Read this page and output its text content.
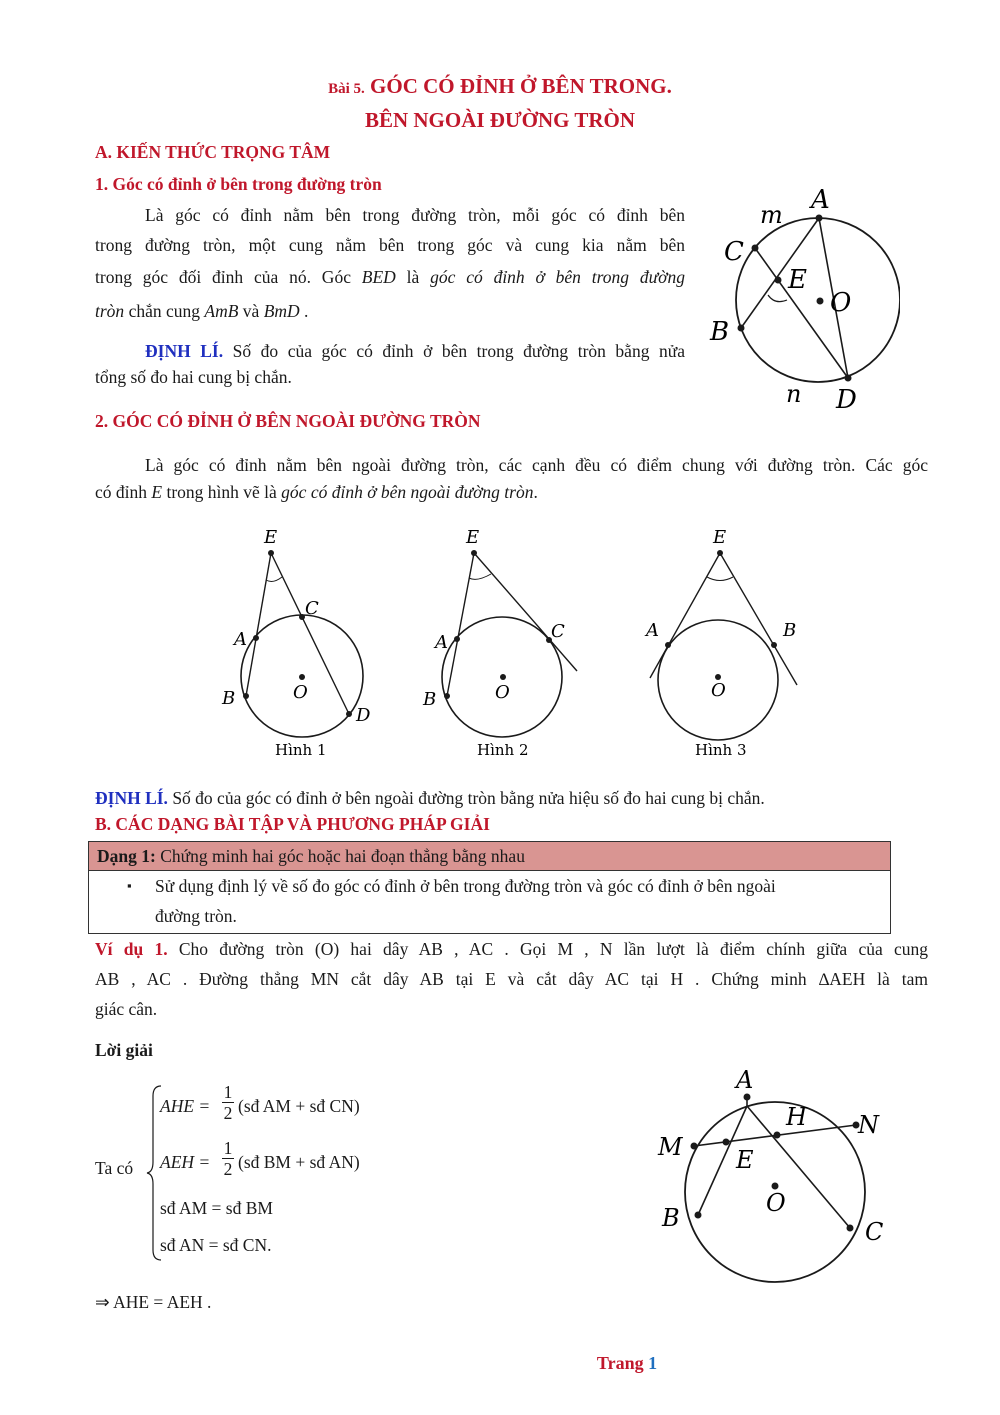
Bài 5. GÓC CÓ ĐỈNH Ở BÊN TRONG.
BÊN NGOÀI ĐƯỜNG TRÒN
A. KIẾN THỨC TRỌNG TÂM
1. Góc có đỉnh ở bên trong đường tròn
Là góc có đỉnh nằm bên trong đường tròn, mỗi góc có đỉnh bên
trong đường tròn, một cung nằm bên trong góc và cung kia nằm bên
trong góc đối đỉnh của nó. Góc BED là góc có đỉnh ở bên trong đường
tròn chắn cung AmB và BmD .
ĐỊNH LÍ. Số đo của góc có đỉnh ở bên trong đường tròn bằng nửa
tổng số đo hai cung bị chắn.
A
m
C
E
O
B
n D
2. GÓC CÓ ĐỈNH Ở BÊN NGOÀI ĐƯỜNG TRÒN
Là góc có đỉnh nằm bên ngoài đường tròn, các cạnh đều có điểm chung với đường tròn. Các góc
có đỉnh E trong hình vẽ là góc có đỉnh ở bên ngoài đường tròn.
E
C
A
B	O
D
Hình 1
E
A
C
B	O
Hình 2
E
A	B
O
Hình 3
ĐỊNH LÍ. Số đo của góc có đỉnh ở bên ngoài đường tròn bằng nửa hiệu số đo hai cung bị chắn.
B. CÁC DẠNG BÀI TẬP VÀ PHƯƠNG PHÁP GIẢI
Dạng 1: Chứng minh hai góc hoặc hai đoạn thẳng bằng nhau
▪ Sử dụng định lý về số đo góc có đỉnh ở bên trong đường tròn và góc có đỉnh ở bên ngoài
đường tròn.
Ví dụ 1. Cho đường tròn (O) hai dây AB , AC . Gọi M , N lần lượt là điểm chính giữa của cung
AB , AC . Đường thẳng MN cắt dây AB tại E và cắt dây AC tại H . Chứng minh ∆AEH là tam
giác cân.
Lời giải
Ta có
AHE = $\frac{1}{2}$ (sđ AM + sđ CN)
AEH = $\frac{1}{2}$ (sđ BM + sđ AN)
sđ AM = sđ BM
sđ AN = sđ CN.
⇒ AHE = AEH .
A
H N
M E
O
B	C
Trang 1
